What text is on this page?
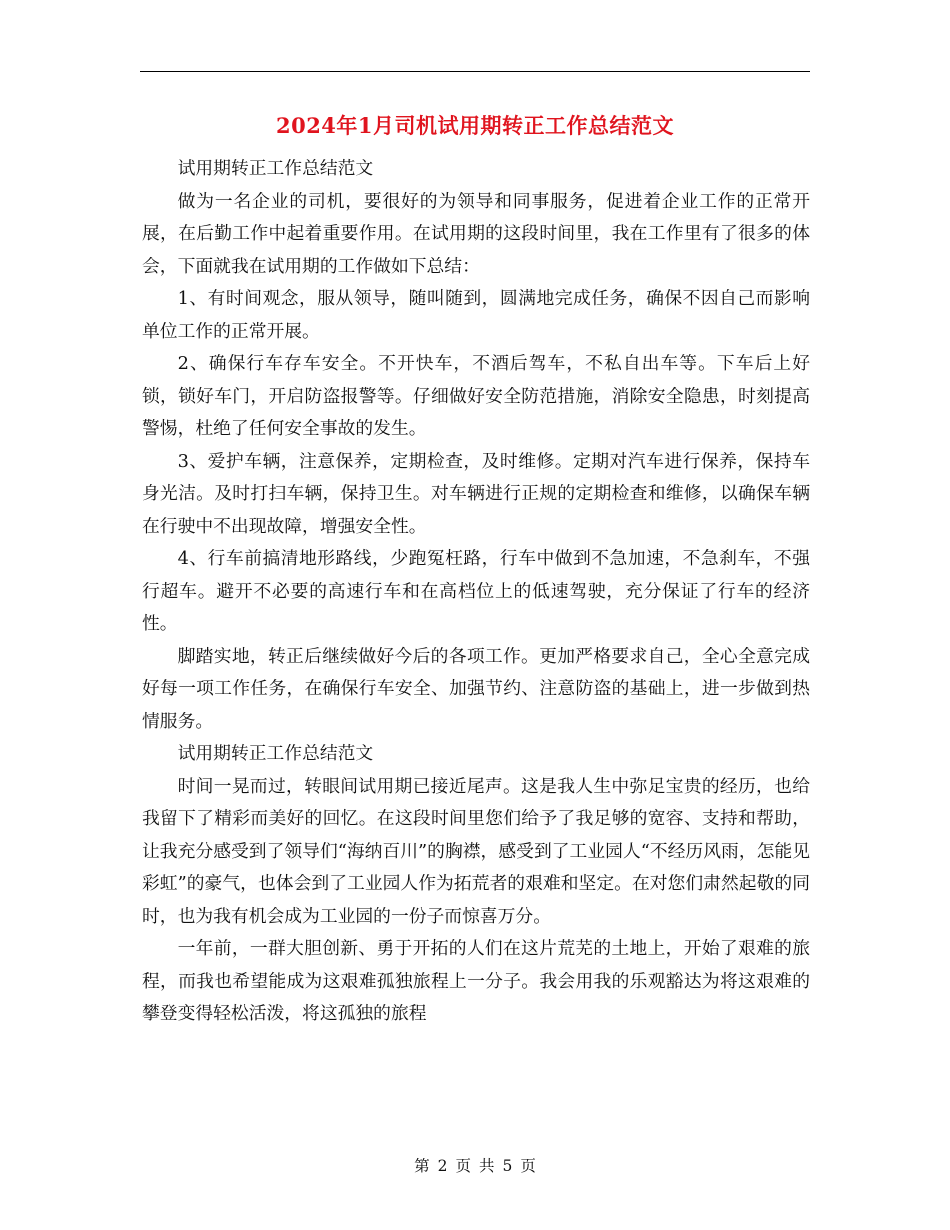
2024年1月司机试用期转正工作总结范文

试用期转正工作总结范文

做为一名企业的司机，要很好的为领导和同事服务，促进着企业工作的正常开展，在后勤工作中起着重要作用。在试用期的这段时间里，我在工作里有了很多的体会，下面就我在试用期的工作做如下总结：

1、有时间观念，服从领导，随叫随到，圆满地完成任务，确保不因自己而影响单位工作的正常开展。

2、确保行车存车安全。不开快车，不酒后驾车，不私自出车等。下车后上好锁，锁好车门，开启防盗报警等。仔细做好安全防范措施，消除安全隐患，时刻提高警惕，杜绝了任何安全事故的发生。

3、爱护车辆，注意保养，定期检查，及时维修。定期对汽车进行保养，保持车身光洁。及时打扫车辆，保持卫生。对车辆进行正规的定期检查和维修，以确保车辆在行驶中不出现故障，增强安全性。

4、行车前搞清地形路线，少跑冤枉路，行车中做到不急加速，不急刹车，不强行超车。避开不必要的高速行车和在高档位上的低速驾驶，充分保证了行车的经济性。

脚踏实地，转正后继续做好今后的各项工作。更加严格要求自己，全心全意完成好每一项工作任务，在确保行车安全、加强节约、注意防盗的基础上，进一步做到热情服务。

试用期转正工作总结范文

时间一晃而过，转眼间试用期已接近尾声。这是我人生中弥足宝贵的经历，也给我留下了精彩而美好的回忆。在这段时间里您们给予了我足够的宽容、支持和帮助，让我充分感受到了领导们“海纳百川”的胸襟，感受到了工业园人“不经历风雨，怎能见彩虹”的豪气，也体会到了工业园人作为拓荒者的艰难和坚定。在对您们肃然起敬的同时，也为我有机会成为工业园的一份子而惊喜万分。

一年前，一群大胆创新、勇于开拓的人们在这片荒芜的土地上，开始了艰难的旅程，而我也希望能成为这艰难孤独旅程上一分子。我会用我的乐观豁达为将这艰难的攀登变得轻松活泼，将这孤独的旅程

第 2 页 共 5 页
